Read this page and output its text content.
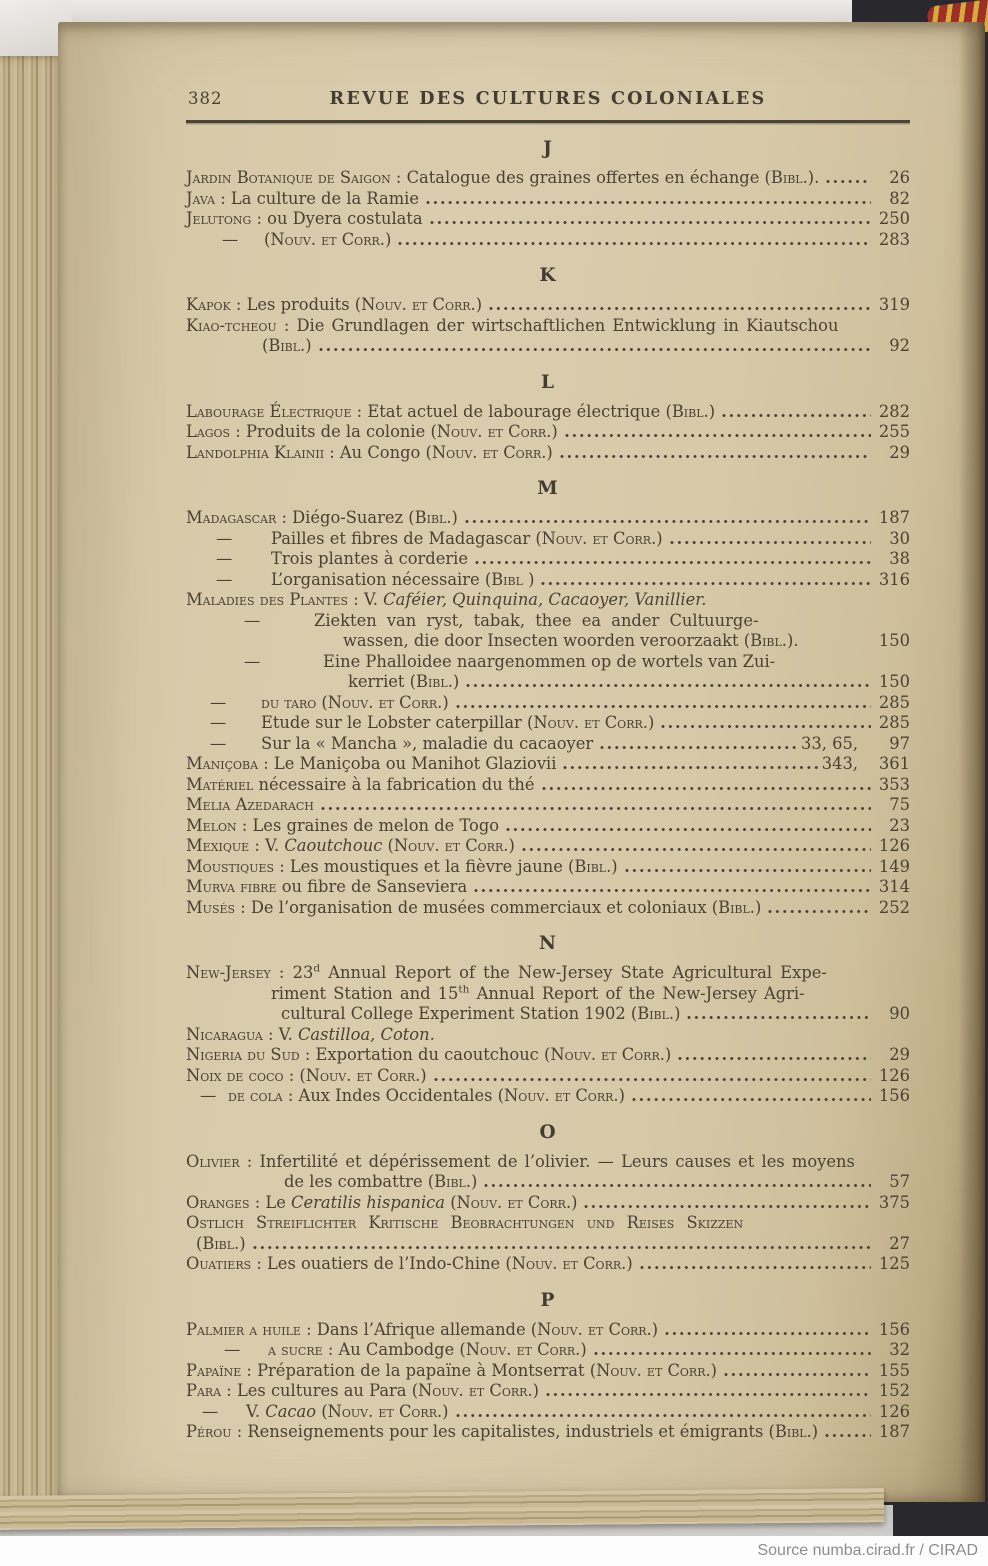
382	REVUE DES CULTURES COLONIALES
J
Jardin Botanique de Saigon : Catalogue des graines offertes en échange (Bibl.).	26
Java : La culture de la Ramie	82
Jelutong : ou Dyera costulata	250
— (Nouv. et Corr.)	283
K
Kapok : Les produits (Nouv. et Corr.)	319
Kiao-tcheou : Die Grundlagen der wirtschaftlichen Entwicklung in Kiautschou
(Bibl.)	92
L
Labourage Électrique : Etat actuel de labourage électrique (Bibl.)	282
Lagos : Produits de la colonie (Nouv. et Corr.)	255
Landolphia Klainii : Au Congo (Nouv. et Corr.)	29
M
Madagascar : Diégo-Suarez (Bibl.)	187
— Pailles et fibres de Madagascar (Nouv. et Corr.)	30
— Trois plantes à corderie	38
— L’organisation nécessaire (Bibl )	316
Maladies des Plantes : V. Caféier, Quinquina, Cacaoyer, Vanillier.
—	Ziekten van ryst, tabak, thee ea ander Cultuurge-
wassen, die door Insecten woorden veroorzaakt (Bibl.).	150
—	Eine Phalloidee naargenommen op de wortels van Zui-
kerriet (Bibl.)	150
— du taro (Nouv. et Corr.)	285
— Etude sur le Lobster caterpillar (Nouv. et Corr.)	285
— Sur la « Mancha », maladie du cacaoyer	33, 65,	97
Maniçoba : Le Maniçoba ou Manihot Glaziovii	343,	361
Matériel nécessaire à la fabrication du thé	353
Melia Azedarach	75
Melon : Les graines de melon de Togo	23
Mexique : V. Caoutchouc (Nouv. et Corr.)	126
Moustiques : Les moustiques et la fièvre jaune (Bibl.)	149
Murva fibre ou fibre de Sanseviera	314
Musés : De l’organisation de musées commerciaux et coloniaux (Bibl.)	252
N
New-Jersey : 23$^d$ Annual Report of the New-Jersey State Agricultural Expe-
riment Station and 15th Annual Report of the New-Jersey Agri-
cultural College Experiment Station 1902 (Bibl.)	90
Nicaragua : V. Castilloa, Coton.
Nigeria du Sud : Exportation du caoutchouc (Nouv. et Corr.)	29
Noix de coco : (Nouv. et Corr.)	126
— de cola : Aux Indes Occidentales (Nouv. et Corr.)	156
O
Olivier : Infertilité et dépérissement de l’olivier. — Leurs causes et les moyens
de les combattre (Bibl.)	57
Oranges : Le Ceratilis hispanica (Nouv. et Corr.)	375
Ostlich Streiflichter Kritische Beobrachtungen und Reises Skizzen
(Bibl.)	27
Ouatiers : Les ouatiers de l’Indo-Chine (Nouv. et Corr.)	125
P
Palmier a huile : Dans l’Afrique allemande (Nouv. et Corr.)	156
— a sucre : Au Cambodge (Nouv. et Corr.)	32
Papaïne : Préparation de la papaïne à Montserrat (Nouv. et Corr.)	155
Para : Les cultures au Para (Nouv. et Corr.)	152
— V. Cacao (Nouv. et Corr.)	126
Pérou : Renseignements pour les capitalistes, industriels et émigrants (Bibl.)	187
Source numba.cirad.fr / CIRAD
